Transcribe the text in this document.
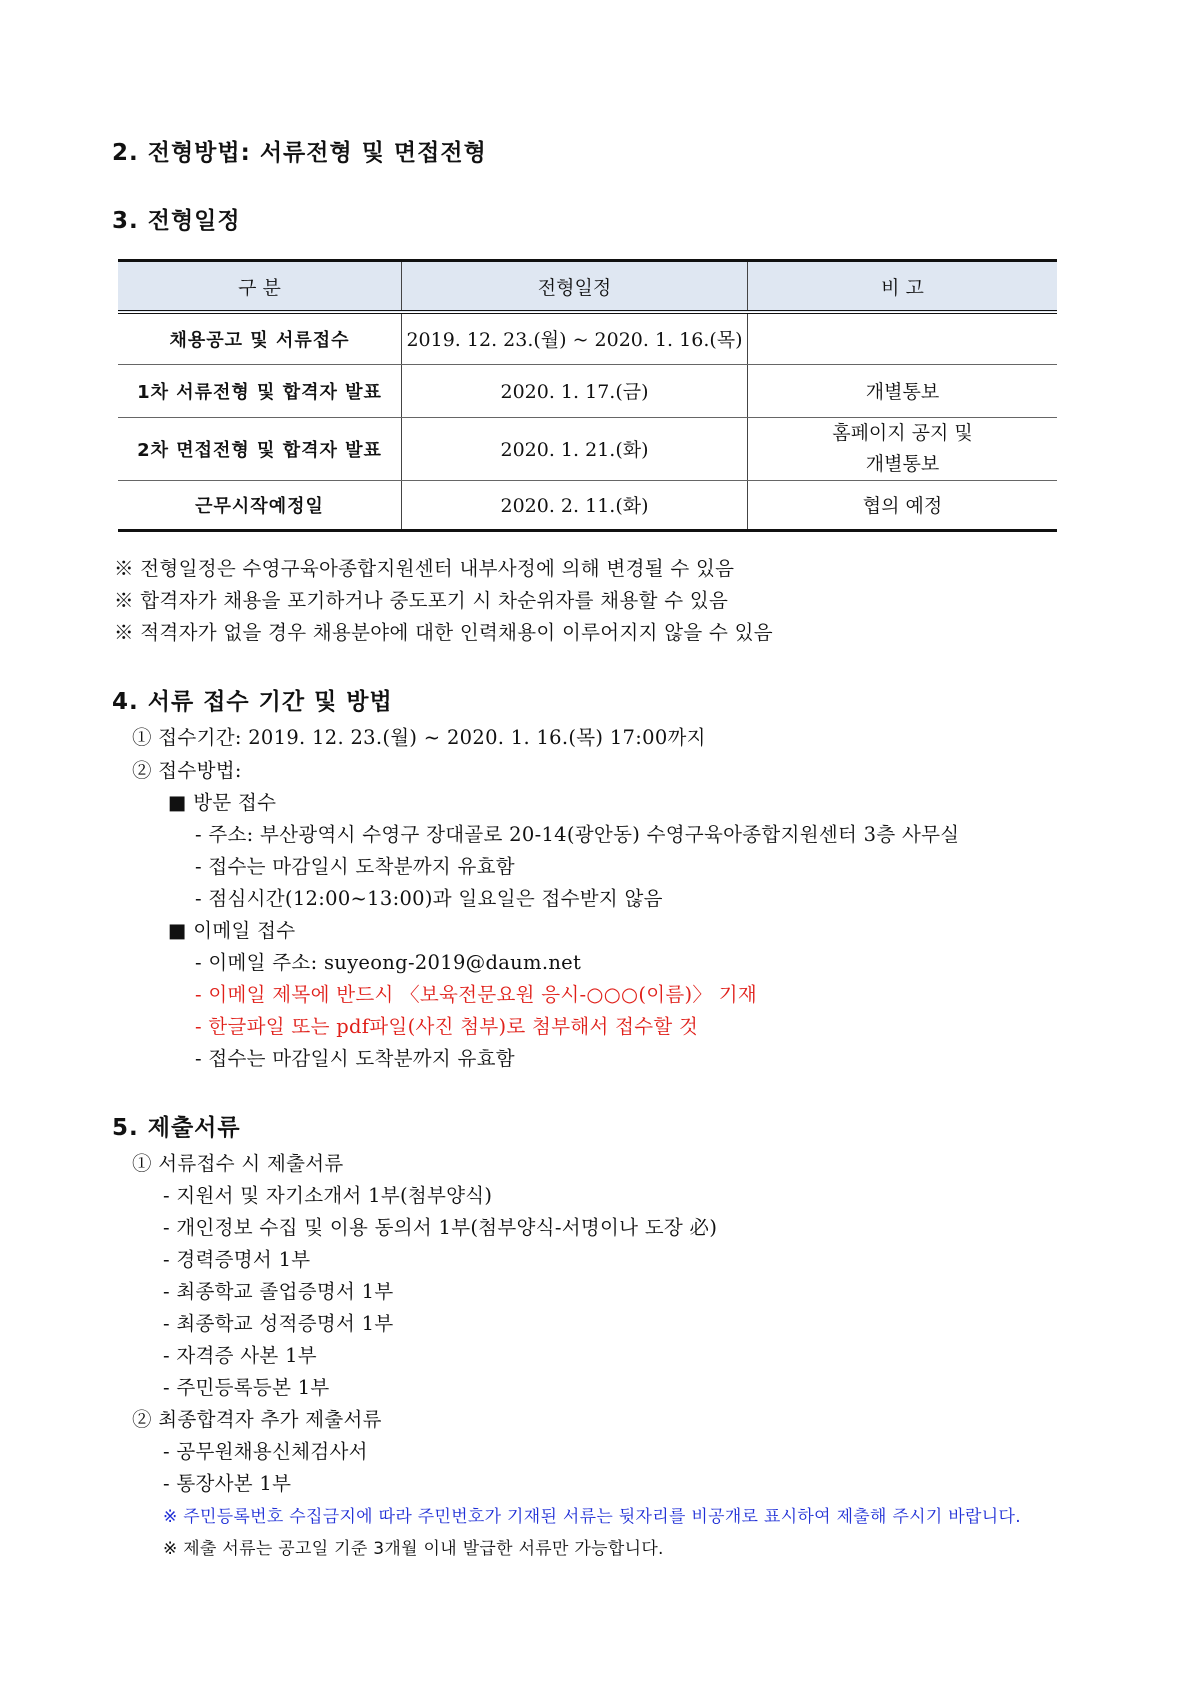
2. 전형방법: 서류전형 및 면접전형
3. 전형일정
구 분	전형일정	비 고
채용공고 및 서류접수	2019. 12. 23.(월) ~ 2020. 1. 16.(목)	
1차 서류전형 및 합격자 발표	2020. 1. 17.(금)	개별통보
2차 면접전형 및 합격자 발표	2020. 1. 21.(화)	홈페이지 공지 및
개별통보
근무시작예정일	2020. 2. 11.(화)	협의 예정
※ 전형일정은 수영구육아종합지원센터 내부사정에 의해 변경될 수 있음
※ 합격자가 채용을 포기하거나 중도포기 시 차순위자를 채용할 수 있음
※ 적격자가 없을 경우 채용분야에 대한 인력채용이 이루어지지 않을 수 있음
4. 서류 접수 기간 및 방법
① 접수기간: 2019. 12. 23.(월) ~ 2020. 1. 16.(목) 17:00까지
② 접수방법:
■ 방문 접수
- 주소: 부산광역시 수영구 장대골로 20-14(광안동) 수영구육아종합지원센터 3층 사무실
- 접수는 마감일시 도착분까지 유효함
- 점심시간(12:00~13:00)과 일요일은 접수받지 않음
■ 이메일 접수
- 이메일 주소: suyeong-2019@daum.net
- 이메일 제목에 반드시 〈보육전문요원 응시-○○○(이름)〉 기재
- 한글파일 또는 pdf파일(사진 첨부)로 첨부해서 접수할 것
- 접수는 마감일시 도착분까지 유효함
5. 제출서류
① 서류접수 시 제출서류
- 지원서 및 자기소개서 1부(첨부양식)
- 개인정보 수집 및 이용 동의서 1부(첨부양식-서명이나 도장 必)
- 경력증명서 1부
- 최종학교 졸업증명서 1부
- 최종학교 성적증명서 1부
- 자격증 사본 1부
- 주민등록등본 1부
② 최종합격자 추가 제출서류
- 공무원채용신체검사서
- 통장사본 1부
※ 주민등록번호 수집금지에 따라 주민번호가 기재된 서류는 뒷자리를 비공개로 표시하여 제출해 주시기 바랍니다.
※ 제출 서류는 공고일 기준 3개월 이내 발급한 서류만 가능합니다.
